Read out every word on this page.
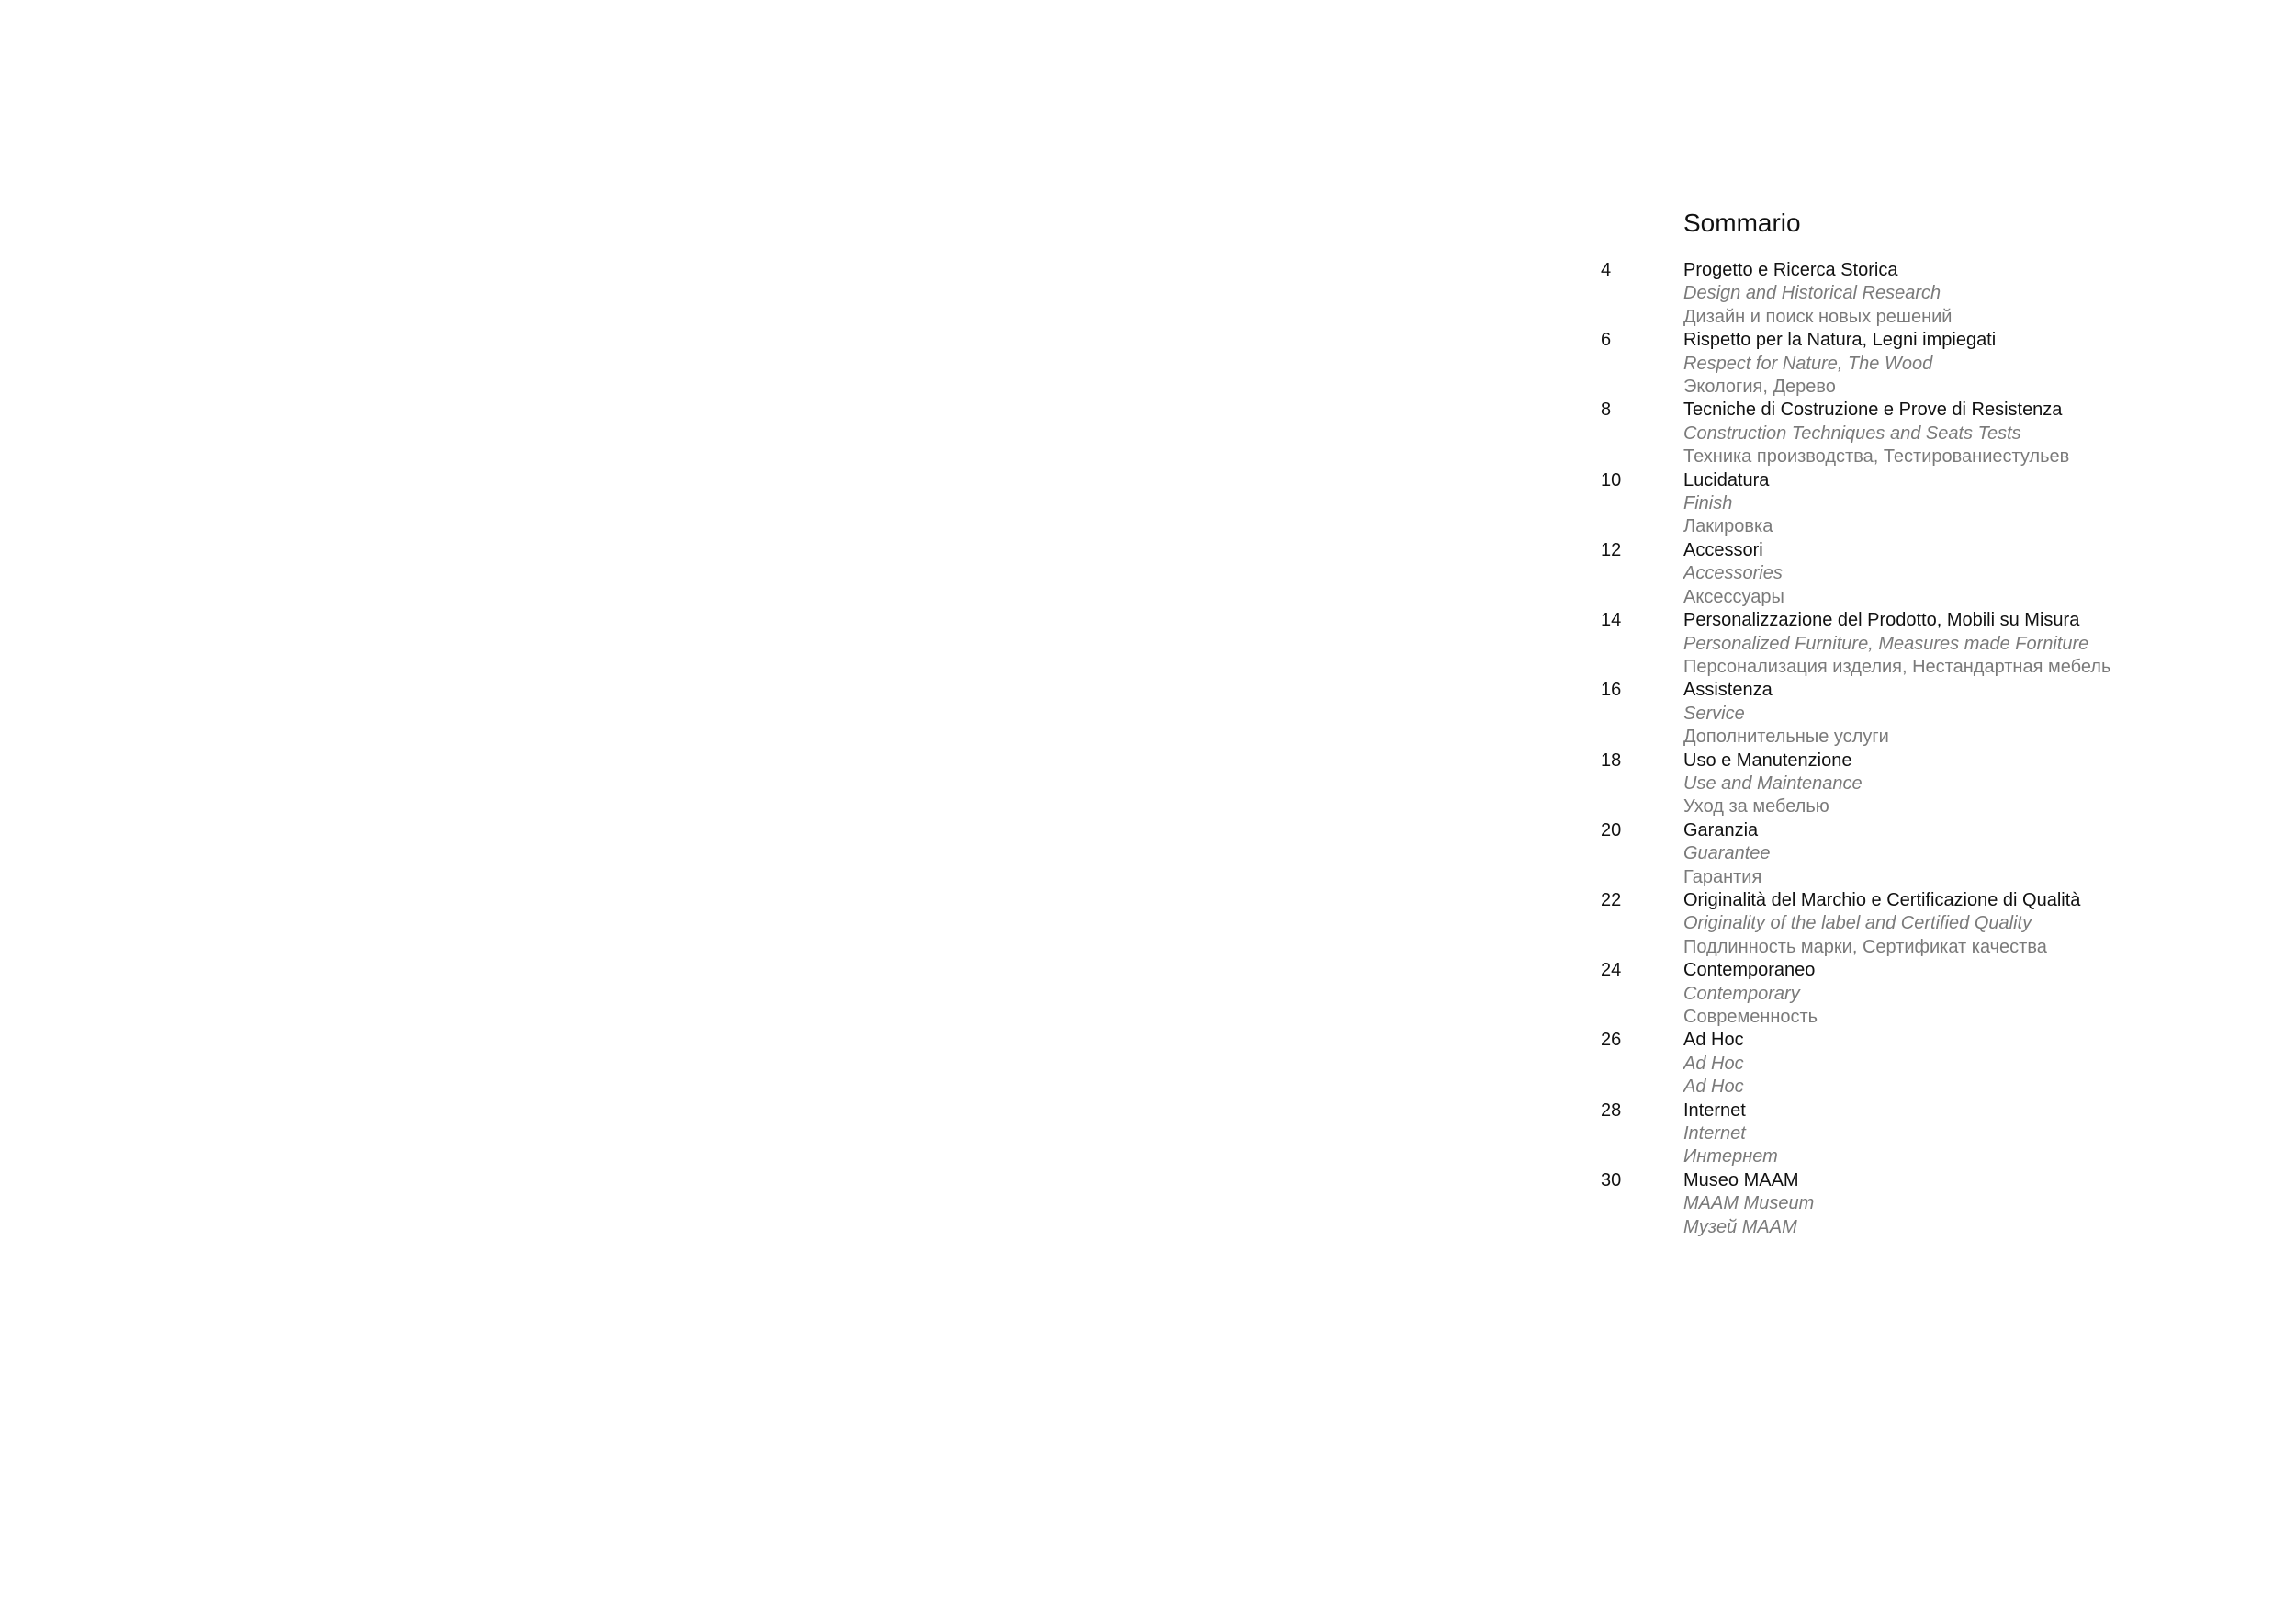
Sommario
4	Progetto e Ricerca Storica
Design and Historical Research
Дизайн и поиск новых решений
6	Rispetto per la Natura, Legni impiegati
Respect for Nature, The Wood
Экология, Дерево
8	Tecniche di Costruzione e Prove di Resistenza
Construction Techniques and Seats Tests
Техника производства, Тестированиестульев
10	Lucidatura
Finish
Лакировка
12	Accessori
Accessories
Аксессуары
14	Personalizzazione del Prodotto, Mobili su Misura
Personalized Furniture, Measures made Forniture
Персонализация изделия, Нестандартная мебель
16	Assistenza
Service
Дополнительные услуги
18	Uso e Manutenzione
Use and Maintenance
Уход за мебелью
20	Garanzia
Guarantee
Гарантия
22	Originalità del Marchio e Certificazione di Qualità
Originality of the label and Certified Quality
Подлинность марки, Сертификат качества
24	Contemporaneo
Contemporary
Современность
26	Ad Hoc
Ad Hoc
Ad Hoc
28	Internet
Internet
Интернет
30	Museo MAAM
MAAM Museum
Музей MAAM
